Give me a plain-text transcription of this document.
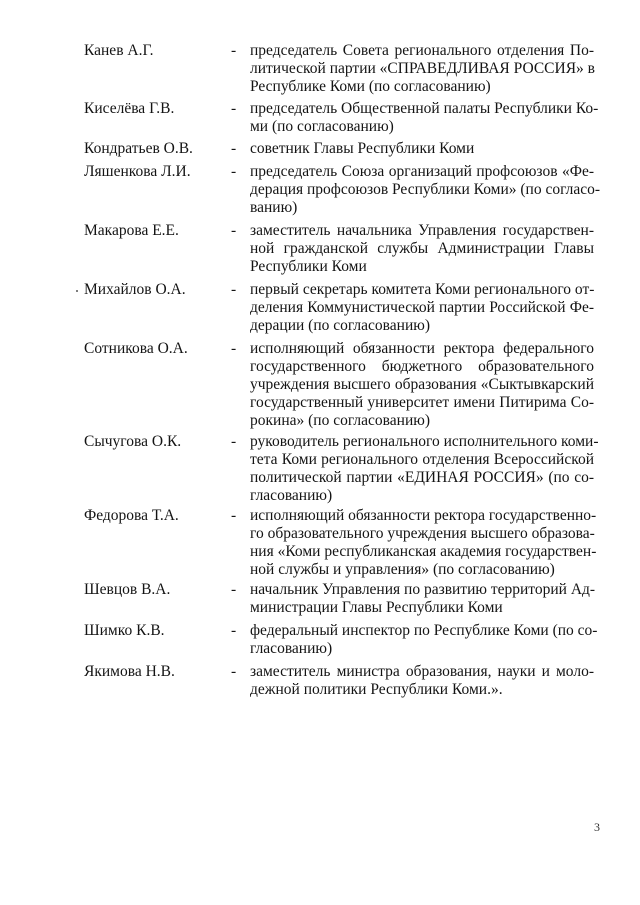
Канев А.Г.	- председатель Совета регионального отделения По-
литической партии «СПРАВЕДЛИВАЯ РОССИЯ» в
Республике Коми (по согласованию)
Киселёва Г.В.	- председатель Общественной палаты Республики Ко-
ми (по согласованию)
Кондратьев О.В.	- советник Главы Республики Коми
Ляшенкова Л.И.	- председатель Союза организаций профсоюзов «Фе-
дерация профсоюзов Республики Коми» (по согласо-
ванию)
Макарова Е.Е.	- заместитель начальника Управления государствен-
ной гражданской службы Администрации Главы
Республики Коми
Михайлов О.А.	- первый секретарь комитета Коми регионального от-
деления Коммунистической партии Российской Фе-
дерации (по согласованию)
Сотникова О.А.	- исполняющий обязанности ректора федерального
государственного бюджетного образовательного
учреждения высшего образования «Сыктывкарский
государственный университет имени Питирима Со-
рокина» (по согласованию)
Сычугова О.К.	- руководитель регионального исполнительного коми-
тета Коми регионального отделения Всероссийской
политической партии «ЕДИНАЯ РОССИЯ» (по со-
гласованию)
Федорова Т.А.	- исполняющий обязанности ректора государственно-
го образовательного учреждения высшего образова-
ния «Коми республиканская академия государствен-
ной службы и управления» (по согласованию)
Шевцов В.А.	- начальник Управления по развитию территорий Ад-
министрации Главы Республики Коми
Шимко К.В.	- федеральный инспектор по Республике Коми (по со-
гласованию)
Якимова Н.В.	- заместитель министра образования, науки и моло-
дежной политики Республики Коми.».
3
